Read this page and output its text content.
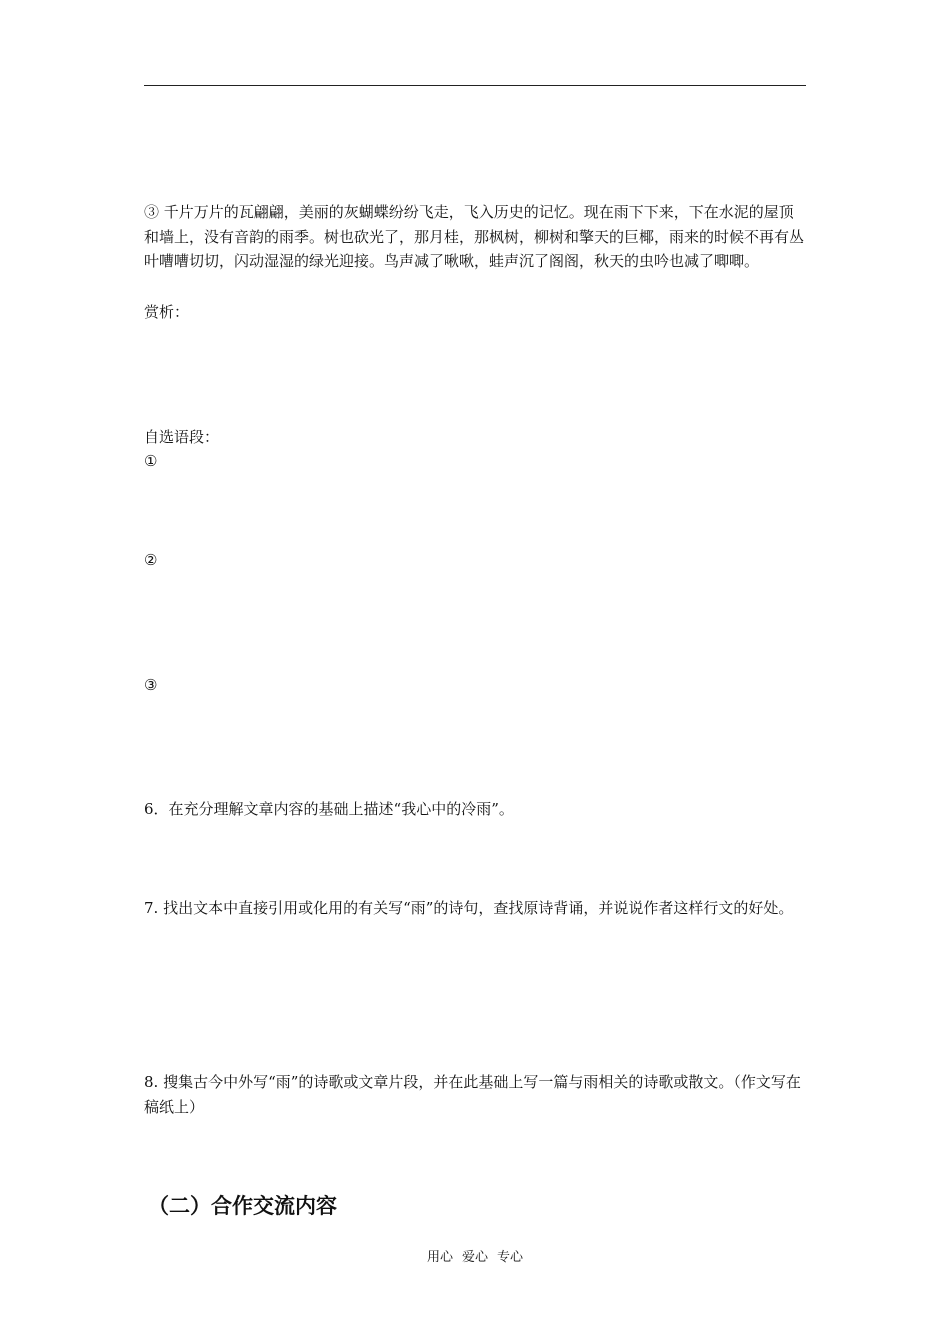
③ 千片万片的瓦翩翩，美丽的灰蝴蝶纷纷飞走，飞入历史的记忆。现在雨下下来，下在水泥的屋顶和墙上，没有音韵的雨季。树也砍光了，那月桂，那枫树，柳树和擎天的巨椰，雨来的时候不再有丛叶嘈嘈切切，闪动湿湿的绿光迎接。鸟声减了啾啾，蛙声沉了阁阁，秋天的虫吟也减了唧唧。
赏析：
自选语段：
①
②
③
6．在充分理解文章内容的基础上描述“我心中的冷雨”。
7. 找出文本中直接引用或化用的有关写“雨”的诗句，查找原诗背诵，并说说作者这样行文的好处。
8. 搜集古今中外写“雨”的诗歌或文章片段，并在此基础上写一篇与雨相关的诗歌或散文。（作文写在稿纸上）
（二）合作交流内容
用心 爱心 专心
